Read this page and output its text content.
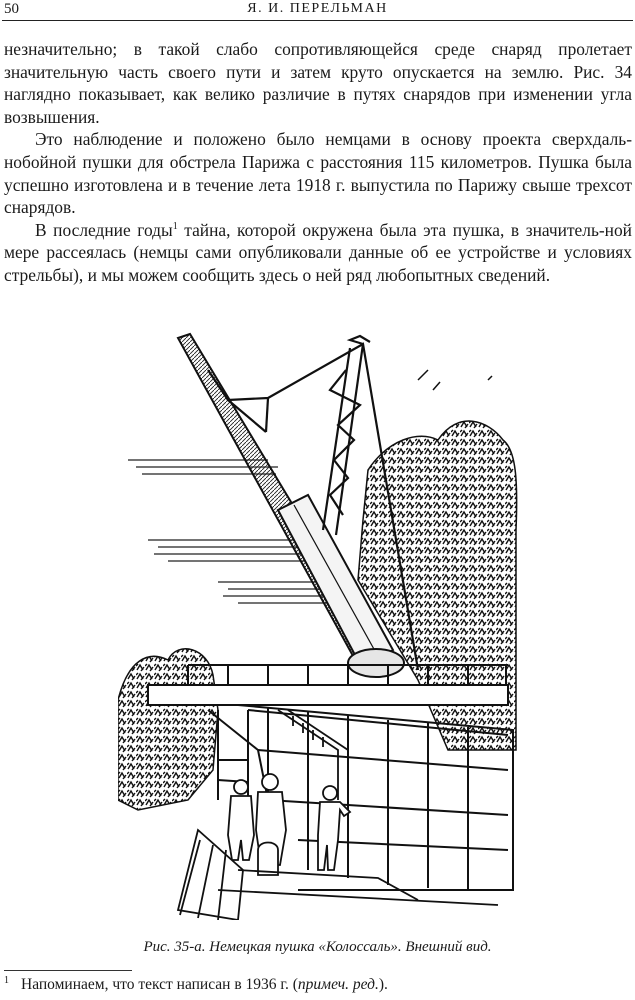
50	Я. И. ПЕРЕЛЬМАН

незначительно; в такой слабо сопротивляющейся среде снаряд пролетает значительную часть своего пути и затем круто опускается на землю. Рис. 34 наглядно показывает, как велико различие в путях снарядов при изменении угла возвышения.

Это наблюдение и положено было немцами в основу проекта сверхдаль-нобойной пушки для обстрела Парижа с расстояния 115 километров. Пушка была успешно изготовлена и в течение лета 1918 г. выпустила по Парижу свыше трехсот снарядов.

В последние годы$^1$ тайна, которой окружена была эта пушка, в значитель-ной мере рассеялась (немцы сами опубликовали данные об ее устройстве и условиях стрельбы), и мы можем сообщить здесь о ней ряд любопытных сведений.

Рис. 35-а. Немецкая пушка «Колоссаль». Внешний вид.
$^1$ Напоминаем, что текст написан в 1936 г. (примеч. ред.).
